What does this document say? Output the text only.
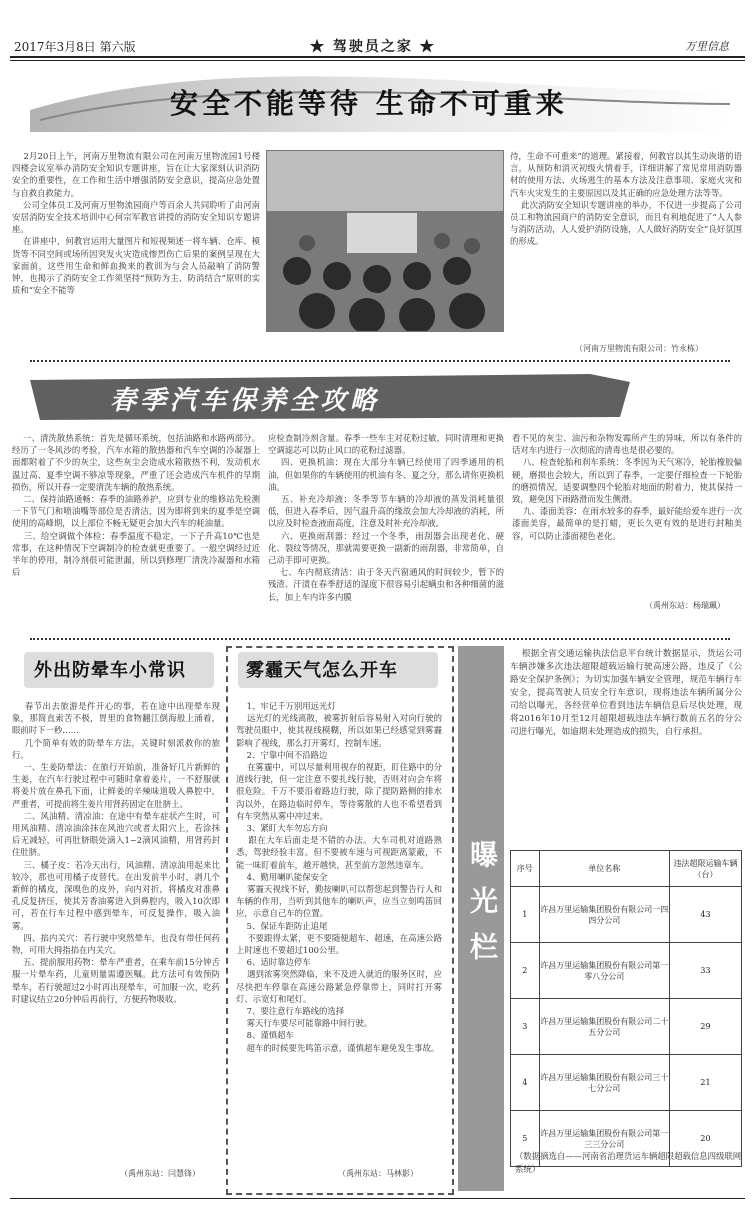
2017年3月8日 第六版	★ 驾驶员之家 ★	万里信息
安全不能等待 生命不可重来
2月20日上午，河南万里物流有限公司在河南万里物流园1号楼四楼会议室举办消防安全知识专题讲座，旨在让大家深刻认识消防安全的重要性，在工作和生活中增强消防安全意识，提高应急处置与自救自救能力。
公司全体员工及河南万里物流园商户等百余人共同聆听了由河南安居消防安全技术培训中心何宗军教官讲授的消防安全知识专题讲座。
在讲座中，何教官运用大量图片和短视频述一将车辆、仓库、模货等不同空间或场所因突发火灾造成惨烈伤亡后果的案例呈现在大家面前，这些用生命和鲜血换来的教训为与会人员敲响了消防警钟，也揭示了消防安全工作须坚持“预防为主、防消结合”原则的实质和“安全不能等
待，生命不可重来”的道理。紧接着，何教官以其生动诙谐的语言，从预防和消灭初级火情着手，详细讲解了常见常用消防器材的使用方法、火场逃生的基本方法及注意事项、家庭火灾和汽车火灾发生的主要原因以及其正确的应急处理方法等等。
此次消防安全知识专题讲座的举办，不仅进一步提高了公司员工和物流园商户的消防安全意识，而且有利地促进了“人人参与消防活动，人人爱护消防设施，人人做好消防安全”良好氛围的形成。
（河南万里物流有限公司：竹永栋）
春季汽车保养全攻略
一、清洗散热系统：首先是循环系统，包括油路和水路两部分。经历了一冬风沙的考验，汽车水箱的散热器和汽车空调的冷凝器上面都附着了不少的灰尘，这些灰尘会造成水箱散热不利，发动机水温过高、夏季空调不够凉等现象，严重了还会造成汽车机件的早期损伤，所以开春一定要清洗车辆的散热系统。
二、保持油路通畅：春季的油路养护，应到专业的维修站先检测一下节气门和喷油嘴等部位是否清洁，因为即将到来的夏季是空调使用的高峰期，以上部位不畅无疑更会加大汽车的耗油量。
三、给空调做个体检：春季温度不稳定，一下子升高10℃也是常事，在这种情况下空调制冷的检查就更重要了。一般空调经过近半年的停用，制冷剂很可能泄漏，所以到修理厂清洗冷凝器和水箱后
应检查制冷剂含量。春季一些车主对花粉过敏，同时清理和更换空调滤芯可以防止风口的花粉过滤器。
四、更换机油：现在大部分车辆已经使用了四季通用的机油，但如果你的车辆使用的机油有冬、夏之分，那么请你更换机油。
五、补充冷却液：冬季等节车辆的冷却液的蒸发消耗量很低，但进入春季后，因气温升高的缘故会加大冷却液的消耗，所以应及时检查液面高度，注意及时补充冷却液。
六、更换雨刮器：经过一个冬季，雨刮器会出现老化、硬化、裂纹等情况，那就需要更换一副新的雨刮器，非常简单，自己动手即可更换。
七、车内彻底清洁：由于冬天汽窗通风的时间较少，暂下的残渣、汗渍在春季舒适的湿度下很容易引起螨虫和各种细菌的滋长，加上车内许多内膜
看不见的灰尘、油污和杂物发霉所产生的异味，所以有条件的话对车内进行一次彻底的清毒也是很必要的。
八、检查轮胎和刹车系统：冬季因为天气寒冷，轮胎橡胶偏硬，磨损也会较大，所以到了春季，一定要仔细检查一下轮胎的磨损情况，适要调整四个轮胎对地面的附着力，使其保持一致，避免因下雨路滑而发生侧滑。
九、漆面美容：在雨水较多的春季，最好能给爱车进行一次漆面美容，最简单的是打蜡，更长久更有效的是进行封釉美容，可以防止漆面褪色老化。
（禹州东站：杨瑞珮）
外出防晕车小常识
春节出去旅游是件开心的事，若在途中出现晕车现象，那简直索苦不极，胃里的食物翻江倒海般上涌着，眼前时下一秒……
几个简单有效的防晕车方法，关键时刻派救你的旅行。
一、生姜防晕法：在旅行开始前，准备好几片新鲜的生姜，在汽车行驶过程中可随时拿着姜片，一不舒服就将姜片放在鼻孔下面，让鲜姜的辛辣味道吸入鼻腔中，严重者，可提前将生姜片用肾药固定在肚脐上。
二、风油精、清凉油：在途中有晕车症状产生时，可用风油精、清凉油涂抹在风池穴或者太阳穴上，若涂抹后无减轻，可再肚脐眼处滴入1~2滴风油精，用肾药封住肚脐。
三、橘子皮：若冷天出行，风油精、清凉油用起来比较冷，那也可用橘子皮替代。在出发前半小时，剥几个新鲜的橘皮，深嗅色的皮外，向内对折，将橘皮对准鼻孔反复挤压，使其芳香油雾进入到鼻腔内，吸入10次即可，若在行车过程中感到晕车，可反复操作，吸入油雾。
四、掐内关穴：若行驶中突然晕车，也没有带任何药物，可用大拇指掐在内关穴。
五、提前服用药物：晕车严重者，在乘车前15分钟舌服一片晕车药，儿童则量需遵医嘱。此方法可有效预防晕车，若行驶超过2小时再出现晕车，可加服一次，吃药时建议结立20分钟后再前行，方便药物吸收。
（禹州东站：闫慧锋）
雾霾天气怎么开车
1、牢记千万别用远光灯
远光灯的光线离散，被雾折射后容易射入对向行驶的驾驶员眼中，使其视线模糊，所以如果已经感觉到雾霾影响了视线，那么打开雾灯，控制车速。
2、宁靠中间不沿路边
在雾霾中，可以尽量利用视存的视距，盯住路中的分道线行驶，但一定注意不要扎线行驶，否则对向会车将很危险。千万不要沿着路边行驶，除了提防路侧的排水沟以外，在路边临时停车，等待雾散的人也不希望看到有车突然从雾中冲过来。
3、紧盯大车勿忘方向
跟在大车后面走是不错的办法。大车司机对道路熟悉，驾驶经验丰富。但不要被车速与可视距离蒙蔽，不能一味盯着前车，越开越快，甚至前方忽然违章车。
4、勤用喇叭能保安全
雾霾天视线不好，勤按喇叭可以帮您起到警告行人和车辆的作用，当听到其他车的喇叭声，应当立刻鸣笛回应，示意自己车的位置。
5、保证车距防止追尾
不要跟得太紧，更不要随便超车、超速，在高速公路上时速也不要超过100公里。
6、适时靠边停车
遇到浓雾突然降临，来不及进入就近的服务区时，应尽快把车停靠在高速公路紧急停靠带上，同时打开雾灯、示宽灯和尾灯。
7、要注意行车路线的选择
雾天行车要尽可能靠路中间行驶。
8、谨慎超车
超车的时候要先鸣笛示意，谨慎超车避免发生事故。
（禹州东站：马林影）
曝光栏
根据全省交通运输执法信息平台统计数据显示，货运公司车辆涉嫌多次违法超限超载运输行驶高速公路，违反了《公路安全保护条例》；为切实加强车辆安全管理，规范车辆行车安全，提高驾驶人员安全行车意识，现将违法车辆所属分公司给以曝光，各经营单位看到违法车辆信息后尽快处理，现将2016年10月至12月超限超载违法车辆行数前五名的分公司进行曝光，如逾期未处理造成的损失，自行承担。
序号	单位名称	违法超限运输车辆（台）
1	许昌万里运输集团股份有限公司一四四分公司	43
2	许昌万里运输集团股份有限公司第一零八分公司	33
3	许昌万里运输集团股份有限公司二十五分公司	29
4	许昌万里运输集团股份有限公司三十七分公司	21
5	许昌万里运输集团股份有限公司第一三三分公司	20
（数据摘选自——河南省治理货运车辆超限超载信息四级联网系统）
